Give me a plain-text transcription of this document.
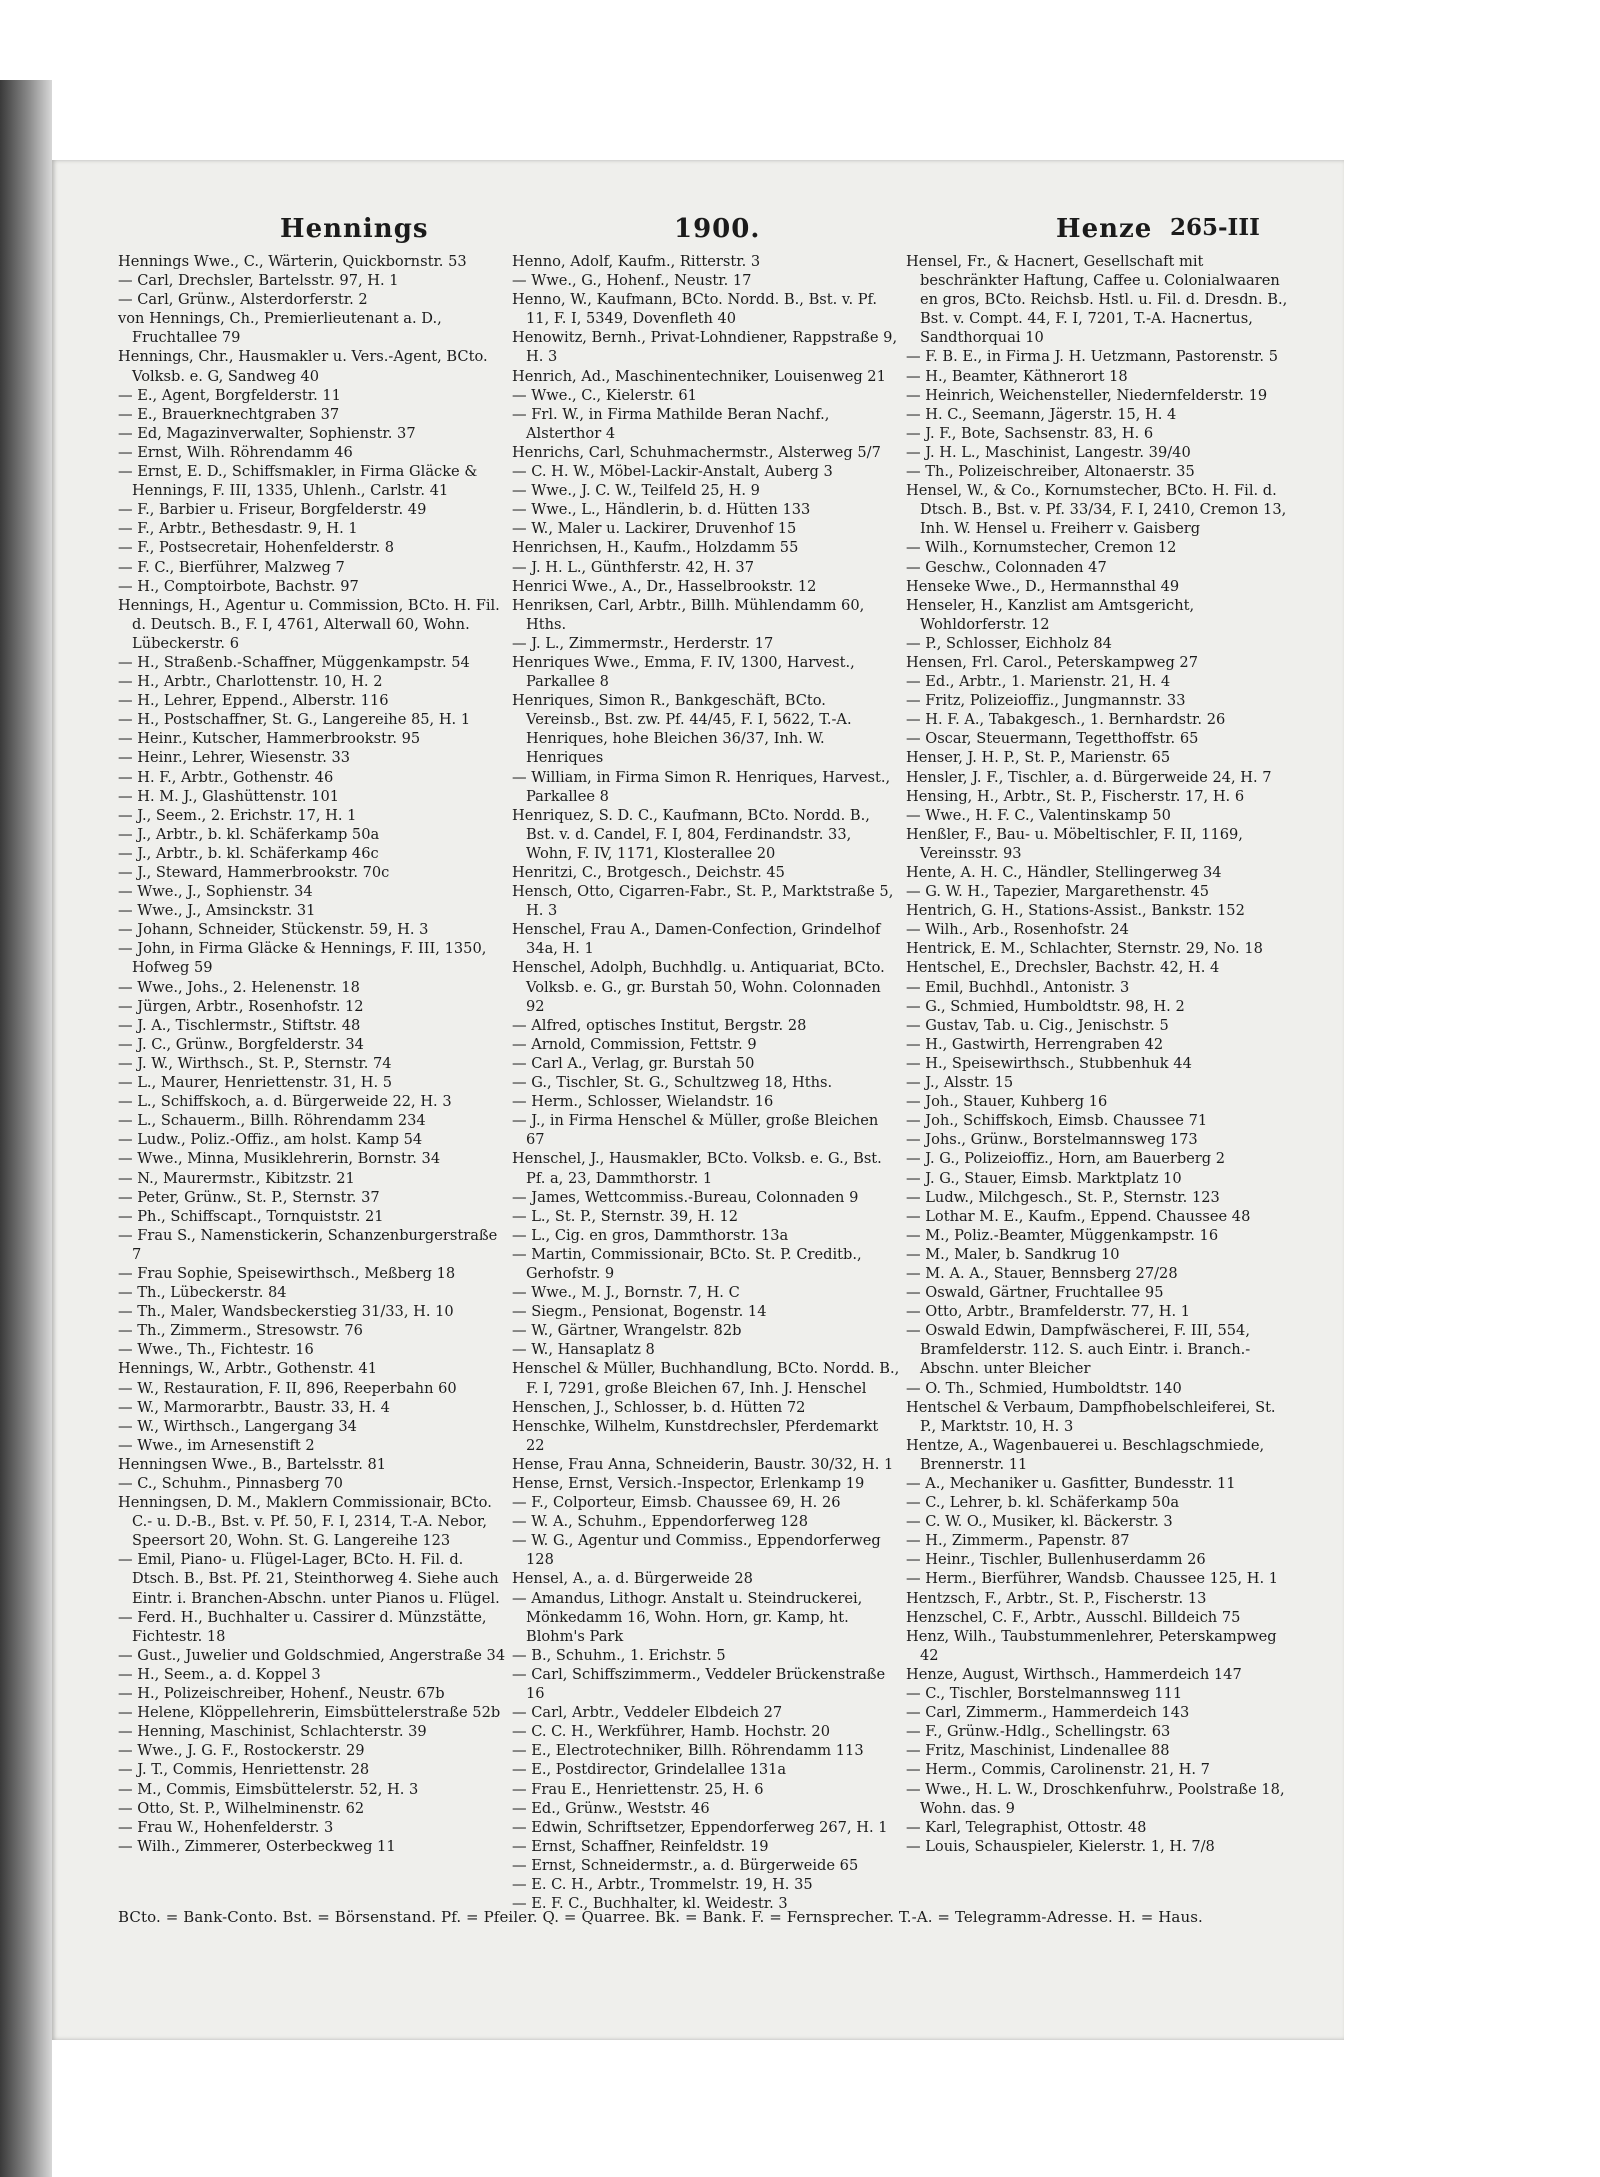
Hennings	1900.	Henze 265-III

Hennings Wwe., C., Wärterin, Quickbornstr. 53

— Carl, Drechsler, Bartelsstr. 97, H. 1

— Carl, Grünw., Alsterdorferstr. 2

von Hennings, Ch., Premierlieutenant a. D., Fruchtallee 79

Hennings, Chr., Hausmakler u. Vers.-Agent, BCto. Volksb. e. G, Sandweg 40

— E., Agent, Borgfelderstr. 11

— E., Brauerknechtgraben 37

— Ed, Magazinverwalter, Sophienstr. 37

— Ernst, Wilh. Röhrendamm 46

— Ernst, E. D., Schiffsmakler, in Firma Gläcke & Hennings, F. III, 1335, Uhlenh., Carlstr. 41

— F., Barbier u. Friseur, Borgfelderstr. 49

— F., Arbtr., Bethesdastr. 9, H. 1

— F., Postsecretair, Hohenfelderstr. 8

— F. C., Bierführer, Malzweg 7

— H., Comptoirbote, Bachstr. 97

Hennings, H., Agentur u. Commission, BCto. H. Fil. d. Deutsch. B., F. I, 4761, Alterwall 60, Wohn. Lübeckerstr. 6

— H., Straßenb.-Schaffner, Müggenkampstr. 54

— H., Arbtr., Charlottenstr. 10, H. 2

— H., Lehrer, Eppend., Alberstr. 116

— H., Postschaffner, St. G., Langereihe 85, H. 1

— Heinr., Kutscher, Hammerbrookstr. 95

— Heinr., Lehrer, Wiesenstr. 33

— H. F., Arbtr., Gothenstr. 46

— H. M. J., Glashüttenstr. 101

— J., Seem., 2. Erichstr. 17, H. 1

— J., Arbtr., b. kl. Schäferkamp 50a

— J., Arbtr., b. kl. Schäferkamp 46c

— J., Steward, Hammerbrookstr. 70c

— Wwe., J., Sophienstr. 34

— Wwe., J., Amsinckstr. 31

— Johann, Schneider, Stückenstr. 59, H. 3

— John, in Firma Gläcke & Hennings, F. III, 1350, Hofweg 59

— Wwe., Johs., 2. Helenenstr. 18

— Jürgen, Arbtr., Rosenhofstr. 12

— J. A., Tischlermstr., Stiftstr. 48

— J. C., Grünw., Borgfelderstr. 34

— J. W., Wirthsch., St. P., Sternstr. 74

— L., Maurer, Henriettenstr. 31, H. 5

— L., Schiffskoch, a. d. Bürgerweide 22, H. 3

— L., Schauerm., Billh. Röhrendamm 234

— Ludw., Poliz.-Offiz., am holst. Kamp 54

— Wwe., Minna, Musiklehrerin, Bornstr. 34

— N., Maurermstr., Kibitzstr. 21

— Peter, Grünw., St. P., Sternstr. 37

— Ph., Schiffscapt., Tornquiststr. 21

— Frau S., Namenstickerin, Schanzenburgerstraße 7

— Frau Sophie, Speisewirthsch., Meßberg 18

— Th., Lübeckerstr. 84

— Th., Maler, Wandsbeckerstieg 31/33, H. 10

— Th., Zimmerm., Stresowstr. 76

— Wwe., Th., Fichtestr. 16

Hennings, W., Arbtr., Gothenstr. 41

— W., Restauration, F. II, 896, Reeperbahn 60

— W., Marmorarbtr., Baustr. 33, H. 4

— W., Wirthsch., Langergang 34

— Wwe., im Arnesenstift 2

Henningsen Wwe., B., Bartelsstr. 81

— C., Schuhm., Pinnasberg 70

Henningsen, D. M., Maklern Commissionair, BCto. C.- u. D.-B., Bst. v. Pf. 50, F. I, 2314, T.-A. Nebor, Speersort 20, Wohn. St. G. Langereihe 123

— Emil, Piano- u. Flügel-Lager, BCto. H. Fil. d. Dtsch. B., Bst. Pf. 21, Steinthorweg 4. Siehe auch Eintr. i. Branchen-Abschn. unter Pianos u. Flügel.

— Ferd. H., Buchhalter u. Cassirer d. Münzstätte, Fichtestr. 18

— Gust., Juwelier und Goldschmied, Angerstraße 34

— H., Seem., a. d. Koppel 3

— H., Polizeischreiber, Hohenf., Neustr. 67b

— Helene, Klöppellehrerin, Eimsbüttelerstraße 52b

— Henning, Maschinist, Schlachterstr. 39

— Wwe., J. G. F., Rostockerstr. 29

— J. T., Commis, Henriettenstr. 28

— M., Commis, Eimsbüttelerstr. 52, H. 3

— Otto, St. P., Wilhelminenstr. 62

— Frau W., Hohenfelderstr. 3

— Wilh., Zimmerer, Osterbeckweg 11

Henno, Adolf, Kaufm., Ritterstr. 3

— Wwe., G., Hohenf., Neustr. 17

Henno, W., Kaufmann, BCto. Nordd. B., Bst. v. Pf. 11, F. I, 5349, Dovenfleth 40

Henowitz, Bernh., Privat-Lohndiener, Rappstraße 9, H. 3

Henrich, Ad., Maschinentechniker, Louisenweg 21

— Wwe., C., Kielerstr. 61

— Frl. W., in Firma Mathilde Beran Nachf., Alsterthor 4

Henrichs, Carl, Schuhmachermstr., Alsterweg 5/7

— C. H. W., Möbel-Lackir-Anstalt, Auberg 3

— Wwe., J. C. W., Teilfeld 25, H. 9

— Wwe., L., Händlerin, b. d. Hütten 133

— W., Maler u. Lackirer, Druvenhof 15

Henrichsen, H., Kaufm., Holzdamm 55

— J. H. L., Günthferstr. 42, H. 37

Henrici Wwe., A., Dr., Hasselbrookstr. 12

Henriksen, Carl, Arbtr., Billh. Mühlendamm 60, Hths.

— J. L., Zimmermstr., Herderstr. 17

Henriques Wwe., Emma, F. IV, 1300, Harvest., Parkallee 8

Henriques, Simon R., Bankgeschäft, BCto. Vereinsb., Bst. zw. Pf. 44/45, F. I, 5622, T.-A. Henriques, hohe Bleichen 36/37, Inh. W. Henriques

— William, in Firma Simon R. Henriques, Harvest., Parkallee 8

Henriquez, S. D. C., Kaufmann, BCto. Nordd. B., Bst. v. d. Candel, F. I, 804, Ferdinandstr. 33, Wohn, F. IV, 1171, Klosterallee 20

Henritzi, C., Brotgesch., Deichstr. 45

Hensch, Otto, Cigarren-Fabr., St. P., Marktstraße 5, H. 3

Henschel, Frau A., Damen-Confection, Grindelhof 34a, H. 1

Henschel, Adolph, Buchhdlg. u. Antiquariat, BCto. Volksb. e. G., gr. Burstah 50, Wohn. Colonnaden 92

— Alfred, optisches Institut, Bergstr. 28

— Arnold, Commission, Fettstr. 9

— Carl A., Verlag, gr. Burstah 50

— G., Tischler, St. G., Schultzweg 18, Hths.

— Herm., Schlosser, Wielandstr. 16

— J., in Firma Henschel & Müller, große Bleichen 67

Henschel, J., Hausmakler, BCto. Volksb. e. G., Bst. Pf. a, 23, Dammthorstr. 1

— James, Wettcommiss.-Bureau, Colonnaden 9

— L., St. P., Sternstr. 39, H. 12

— L., Cig. en gros, Dammthorstr. 13a

— Martin, Commissionair, BCto. St. P. Creditb., Gerhofstr. 9

— Wwe., M. J., Bornstr. 7, H. C

— Siegm., Pensionat, Bogenstr. 14

— W., Gärtner, Wrangelstr. 82b

— W., Hansaplatz 8

Henschel & Müller, Buchhandlung, BCto. Nordd. B., F. I, 7291, große Bleichen 67, Inh. J. Henschel

Henschen, J., Schlosser, b. d. Hütten 72

Henschke, Wilhelm, Kunstdrechsler, Pferdemarkt 22

Hense, Frau Anna, Schneiderin, Baustr. 30/32, H. 1

Hense, Ernst, Versich.-Inspector, Erlenkamp 19

— F., Colporteur, Eimsb. Chaussee 69, H. 26

— W. A., Schuhm., Eppendorferweg 128

— W. G., Agentur und Commiss., Eppendorferweg 128

Hensel, A., a. d. Bürgerweide 28

— Amandus, Lithogr. Anstalt u. Steindruckerei, Mönkedamm 16, Wohn. Horn, gr. Kamp, ht. Blohm's Park

— B., Schuhm., 1. Erichstr. 5

— Carl, Schiffszimmerm., Veddeler Brückenstraße 16

— Carl, Arbtr., Veddeler Elbdeich 27

— C. C. H., Werkführer, Hamb. Hochstr. 20

— E., Electrotechniker, Billh. Röhrendamm 113

— E., Postdirector, Grindelallee 131a

— Frau E., Henriettenstr. 25, H. 6

— Ed., Grünw., Weststr. 46

— Edwin, Schriftsetzer, Eppendorferweg 267, H. 1

— Ernst, Schaffner, Reinfeldstr. 19

— Ernst, Schneidermstr., a. d. Bürgerweide 65

— E. C. H., Arbtr., Trommelstr. 19, H. 35

— E. F. C., Buchhalter, kl. Weidestr. 3

Hensel, Fr., & Hacnert, Gesellschaft mit beschränkter Haftung, Caffee u. Colonialwaaren en gros, BCto. Reichsb. Hstl. u. Fil. d. Dresdn. B., Bst. v. Compt. 44, F. I, 7201, T.-A. Hacnertus, Sandthorquai 10

— F. B. E., in Firma J. H. Uetzmann, Pastorenstr. 5

— H., Beamter, Käthnerort 18

— Heinrich, Weichensteller, Niedernfelderstr. 19

— H. C., Seemann, Jägerstr. 15, H. 4

— J. F., Bote, Sachsenstr. 83, H. 6

— J. H. L., Maschinist, Langestr. 39/40

— Th., Polizeischreiber, Altonaerstr. 35

Hensel, W., & Co., Kornumstecher, BCto. H. Fil. d. Dtsch. B., Bst. v. Pf. 33/34, F. I, 2410, Cremon 13, Inh. W. Hensel u. Freiherr v. Gaisberg

— Wilh., Kornumstecher, Cremon 12

— Geschw., Colonnaden 47

Henseke Wwe., D., Hermannsthal 49

Henseler, H., Kanzlist am Amtsgericht, Wohldorferstr. 12

— P., Schlosser, Eichholz 84

Hensen, Frl. Carol., Peterskampweg 27

— Ed., Arbtr., 1. Marienstr. 21, H. 4

— Fritz, Polizeioffiz., Jungmannstr. 33

— H. F. A., Tabakgesch., 1. Bernhardstr. 26

— Oscar, Steuermann, Tegetthoffstr. 65

Henser, J. H. P., St. P., Marienstr. 65

Hensler, J. F., Tischler, a. d. Bürgerweide 24, H. 7

Hensing, H., Arbtr., St. P., Fischerstr. 17, H. 6

— Wwe., H. F. C., Valentinskamp 50

Henßler, F., Bau- u. Möbeltischler, F. II, 1169, Vereinsstr. 93

Hente, A. H. C., Händler, Stellingerweg 34

— G. W. H., Tapezier, Margarethenstr. 45

Hentrich, G. H., Stations-Assist., Bankstr. 152

— Wilh., Arb., Rosenhofstr. 24

Hentrick, E. M., Schlachter, Sternstr. 29, No. 18

Hentschel, E., Drechsler, Bachstr. 42, H. 4

— Emil, Buchhdl., Antonistr. 3

— G., Schmied, Humboldtstr. 98, H. 2

— Gustav, Tab. u. Cig., Jenischstr. 5

— H., Gastwirth, Herrengraben 42

— H., Speisewirthsch., Stubbenhuk 44

— J., Alsstr. 15

— Joh., Stauer, Kuhberg 16

— Joh., Schiffskoch, Eimsb. Chaussee 71

— Johs., Grünw., Borstelmannsweg 173

— J. G., Polizeioffiz., Horn, am Bauerberg 2

— J. G., Stauer, Eimsb. Marktplatz 10

— Ludw., Milchgesch., St. P., Sternstr. 123

— Lothar M. E., Kaufm., Eppend. Chaussee 48

— M., Poliz.-Beamter, Müggenkampstr. 16

— M., Maler, b. Sandkrug 10

— M. A. A., Stauer, Bennsberg 27/28

— Oswald, Gärtner, Fruchtallee 95

— Otto, Arbtr., Bramfelderstr. 77, H. 1

— Oswald Edwin, Dampfwäscherei, F. III, 554, Bramfelderstr. 112. S. auch Eintr. i. Branch.-Abschn. unter Bleicher

— O. Th., Schmied, Humboldtstr. 140

Hentschel & Verbaum, Dampfhobelschleiferei, St. P., Marktstr. 10, H. 3

Hentze, A., Wagenbauerei u. Beschlagschmiede, Brennerstr. 11

— A., Mechaniker u. Gasfitter, Bundesstr. 11

— C., Lehrer, b. kl. Schäferkamp 50a

— C. W. O., Musiker, kl. Bäckerstr. 3

— H., Zimmerm., Papenstr. 87

— Heinr., Tischler, Bullenhuserdamm 26

— Herm., Bierführer, Wandsb. Chaussee 125, H. 1

Hentzsch, F., Arbtr., St. P., Fischerstr. 13

Henzschel, C. F., Arbtr., Ausschl. Billdeich 75

Henz, Wilh., Taubstummenlehrer, Peterskampweg 42

Henze, August, Wirthsch., Hammerdeich 147

— C., Tischler, Borstelmannsweg 111

— Carl, Zimmerm., Hammerdeich 143

— F., Grünw.-Hdlg., Schellingstr. 63

— Fritz, Maschinist, Lindenallee 88

— Herm., Commis, Carolinenstr. 21, H. 7

— Wwe., H. L. W., Droschkenfuhrw., Poolstraße 18, Wohn. das. 9

— Karl, Telegraphist, Ottostr. 48

— Louis, Schauspieler, Kielerstr. 1, H. 7/8

BCto. = Bank-Conto. Bst. = Börsenstand. Pf. = Pfeiler. Q. = Quarree. Bk. = Bank. F. = Fernsprecher. T.-A. = Telegramm-Adresse. H. = Haus.
